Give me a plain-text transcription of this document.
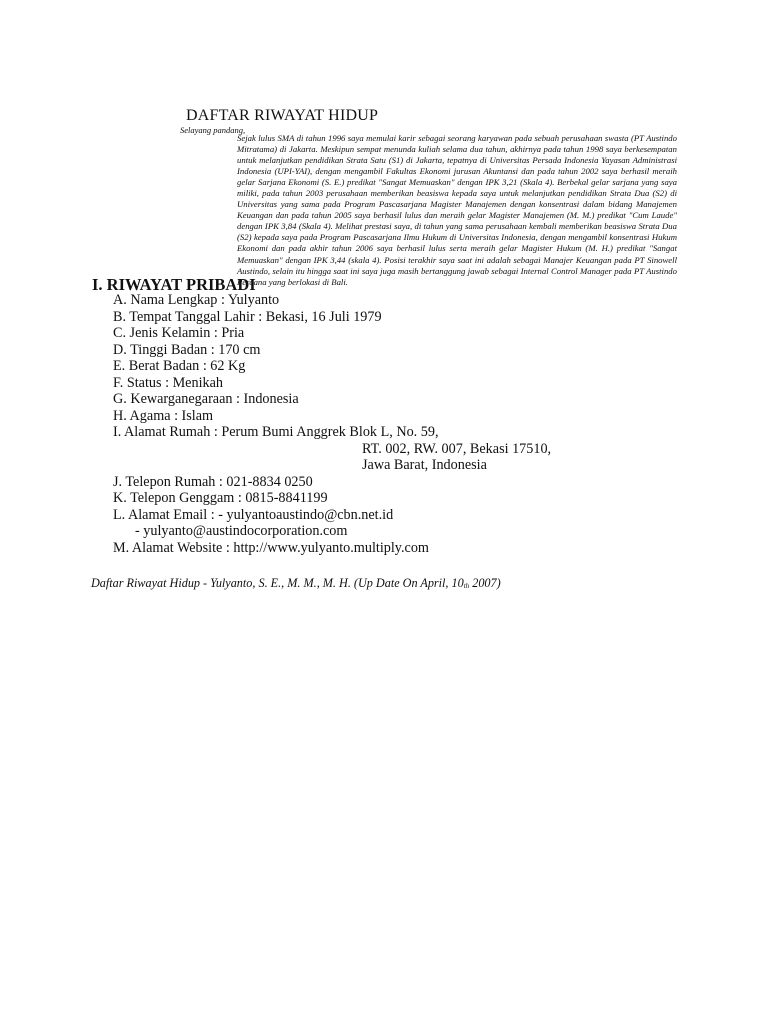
DAFTAR RIWAYAT HIDUP
Selayang pandang,

Sejak lulus SMA di tahun 1996 saya memulai karir sebagai seorang karyawan pada sebuah perusahaan swasta (PT Austindo Mitratama) di Jakarta. Meskipun sempat menunda kuliah selama dua tahun, akhirnya pada tahun 1998 saya berkesempatan untuk melanjutkan pendidikan Strata Satu (S1) di Jakarta, tepatnya di Universitas Persada Indonesia Yayasan Administrasi Indonesia (UPI-YAI), dengan mengambil Fakultas Ekonomi jurusan Akuntansi dan pada tahun 2002 saya berhasil meraih gelar Sarjana Ekonomi (S. E.) predikat "Sangat Memuaskan" dengan IPK 3,21 (Skala 4). Berbekal gelar sarjana yang saya miliki, pada tahun 2003 perusahaan memberikan beasiswa kepada saya untuk melanjutkan pendidikan Strata Dua (S2) di Universitas yang sama pada Program Pascasarjana Magister Manajemen dengan konsentrasi dalam bidang Manajemen Keuangan dan pada tahun 2005 saya berhasil lulus dan meraih gelar Magister Manajemen (M. M.) predikat "Cum Laude" dengan IPK 3,84 (Skala 4). Melihat prestasi saya, di tahun yang sama perusahaan kembali memberikan beasiswa Strata Dua (S2) kepada saya pada Program Pascasarjana Ilmu Hukum di Universitas Indonesia, dengan mengambil konsentrasi Hukum Ekonomi dan pada akhir tahun 2006 saya berhasil lulus serta meraih gelar Magister Hukum (M. H.) predikat "Sangat Memuaskan" dengan IPK 3,44 (skala 4). Posisi terakhir saya saat ini adalah sebagai Manajer Keuangan pada PT Sinowell Austindo, selain itu hingga saat ini saya juga masih bertanggung jawab sebagai Internal Control Manager pada PT Austindo Perdana yang berlokasi di Bali.

I. RIWAYAT PRIBADI
A. Nama Lengkap : Yulyanto
B. Tempat Tanggal Lahir : Bekasi, 16 Juli 1979
C. Jenis Kelamin : Pria
D. Tinggi Badan : 170 cm
E. Berat Badan : 62 Kg
F. Status : Menikah
G. Kewarganegaraan : Indonesia
H. Agama : Islam
I. Alamat Rumah : Perum Bumi Anggrek Blok L, No. 59,
RT. 002, RW. 007, Bekasi 17510,
Jawa Barat, Indonesia
J. Telepon Rumah : 021-8834 0250
K. Telepon Genggam : 0815-8841199
L. Alamat Email : - yulyantoaustindo@cbn.net.id
- yulyanto@austindocorporation.com
M. Alamat Website : http://www.yulyanto.multiply.com
Daftar Riwayat Hidup - Yulyanto, S. E., M. M., M. H. (Up Date On April, $10_{th}$ 2007)
